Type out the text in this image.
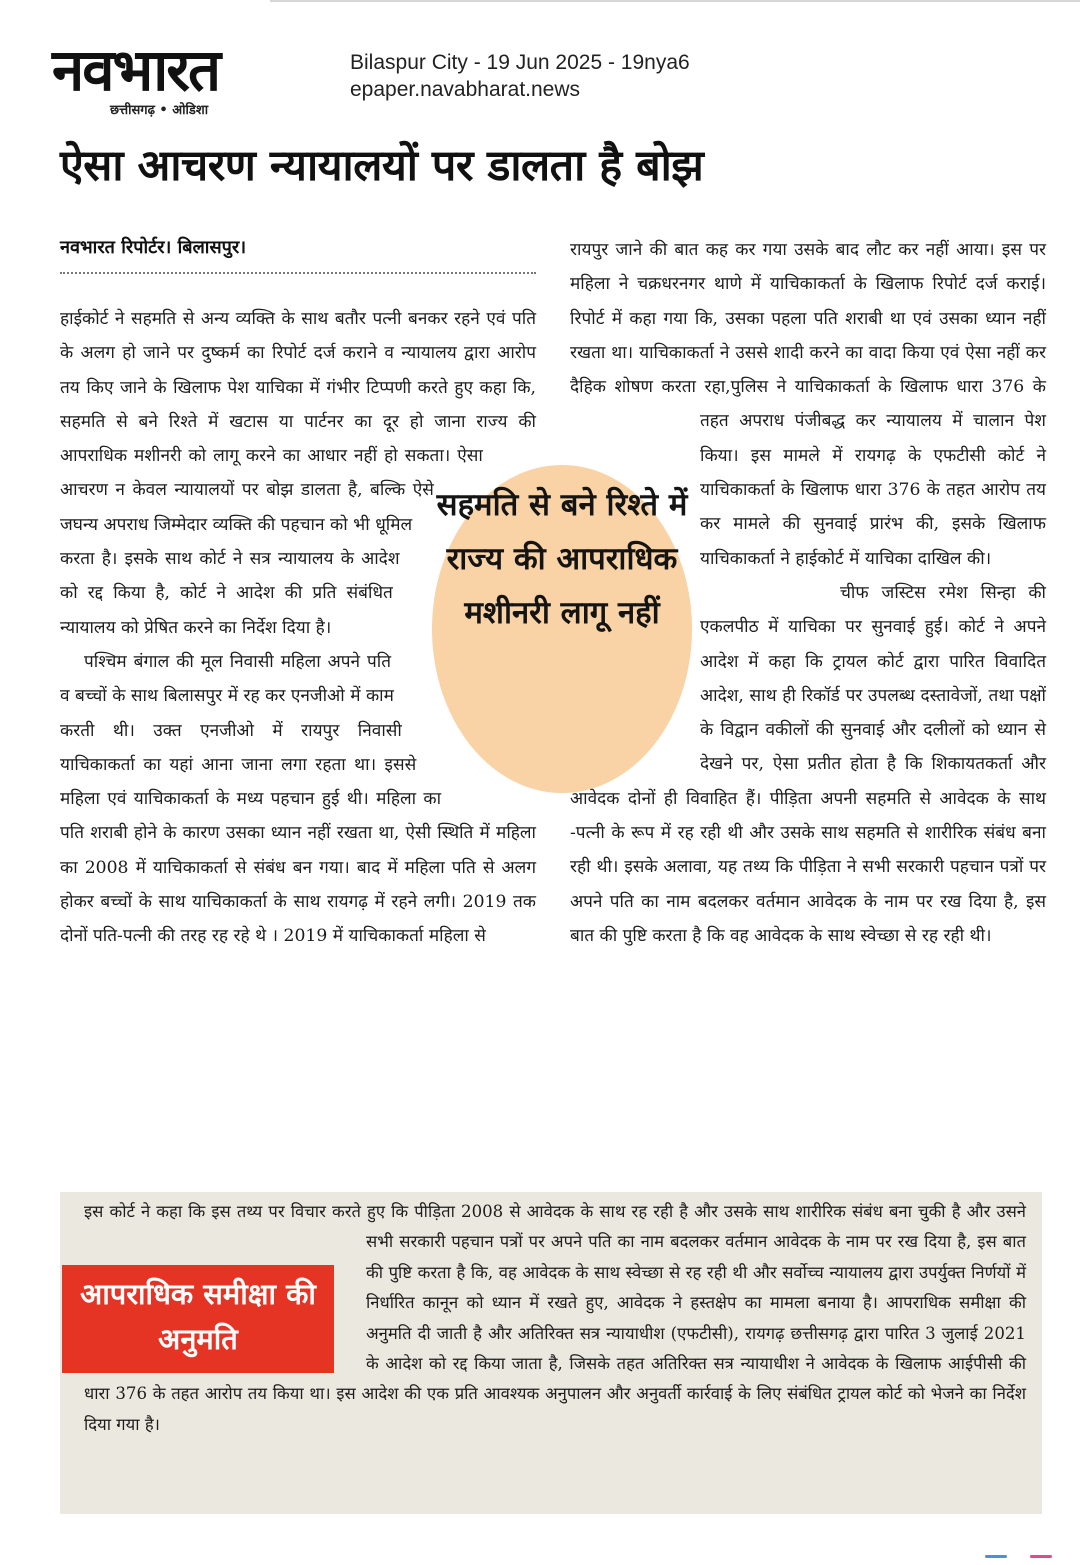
नवभारत
छत्तीसगढ़ • ओडिशा
Bilaspur City - 19 Jun 2025 - 19nya6
epaper.navabharat.news
ऐसा आचरण न्यायालयों पर डालता है बोझ
नवभारत रिपोर्टर। बिलासपुर।

हाईकोर्ट ने सहमति से अन्य व्यक्ति के साथ बतौर पत्नी बनकर रहने एवं पति के अलग हो जाने पर दुष्कर्म का रिपोर्ट दर्ज कराने व न्यायालय द्वारा आरोप तय किए जाने के खिलाफ पेश याचिका में गंभीर टिप्पणी करते हुए कहा कि, सहमति से बने रिश्ते में खटास या पार्टनर का दूर हो जाना राज्य की आपराधिक मशीनरी को लागू करने का आधार नहीं हो सकता। ऐसा आचरण न केवल न्यायालयों पर बोझ डालता है, बल्कि ऐसे जघन्य अपराध जिम्मेदार व्यक्ति की पहचान को भी धूमिल करता है। इसके साथ कोर्ट ने सत्र न्यायालय के आदेश को रद्द किया है, कोर्ट ने आदेश की प्रति संबंधित न्यायालय को प्रेषित करने का निर्देश दिया है।

पश्चिम बंगाल की मूल निवासी महिला अपने पति व बच्चों के साथ बिलासपुर में रह कर एनजीओ में काम करती थी। उक्त एनजीओ में रायपुर निवासी याचिकाकर्ता का यहां आना जाना लगा रहता था। इससे महिला एवं याचिकाकर्ता के मध्य पहचान हुई थी। महिला का पति शराबी होने के कारण उसका ध्यान नहीं रखता था, ऐसी स्थिति में महिला का 2008 में याचिकाकर्ता से संबंध बन गया। बाद में महिला पति से अलग होकर बच्चों के साथ याचिकाकर्ता के साथ रायगढ़ में रहने लगी। 2019 तक दोनों पति-पत्नी की तरह रह रहे थे । 2019 में याचिकाकर्ता महिला से

रायपुर जाने की बात कह कर गया उसके बाद लौट कर नहीं आया। इस पर महिला ने चक्रधरनगर थाणे में याचिकाकर्ता के खिलाफ रिपोर्ट दर्ज कराई। रिपोर्ट में कहा गया कि, उसका पहला पति शराबी था एवं उसका ध्यान नहीं रखता था। याचिकाकर्ता ने उससे शादी करने का वादा किया एवं ऐसा नहीं कर दैहिक शोषण करता रहा,पुलिस ने याचिकाकर्ता के खिलाफ धारा 376 के तहत अपराध पंजीबद्ध कर न्यायालय में चालान पेश किया। इस मामले में रायगढ़ के एफटीसी कोर्ट ने याचिकाकर्ता के खिलाफ धारा 376 के तहत आरोप तय कर मामले की सुनवाई प्रारंभ की, इसके खिलाफ याचिकाकर्ता ने हाईकोर्ट में याचिका दाखिल की।

चीफ जस्टिस रमेश सिन्हा की एकलपीठ में याचिका पर सुनवाई हुई। कोर्ट ने अपने आदेश में कहा कि ट्रायल कोर्ट द्वारा पारित विवादित आदेश, साथ ही रिकॉर्ड पर उपलब्ध दस्तावेजों, तथा पक्षों के विद्वान वकीलों की सुनवाई और दलीलों को ध्यान से देखने पर, ऐसा प्रतीत होता है कि शिकायतकर्ता और आवेदक दोनों ही विवाहित हैं। पीड़िता अपनी सहमति से आवेदक के साथ -पत्नी के रूप में रह रही थी और उसके साथ सहमति से शारीरिक संबंध बना रही थी। इसके अलावा, यह तथ्य कि पीड़िता ने सभी सरकारी पहचान पत्रों पर अपने पति का नाम बदलकर वर्तमान आवेदक के नाम पर रख दिया है, इस बात की पुष्टि करता है कि वह आवेदक के साथ स्वेच्छा से रह रही थी।

सहमति से बने रिश्ते में राज्य की आपराधिक मशीनरी लागू नहीं
इस कोर्ट ने कहा कि इस तथ्य पर विचार करते हुए कि पीड़िता 2008 से आवेदक के साथ रह रही है और उसके साथ शारीरिक संबंध बना चुकी है और उसने सभी सरकारी पहचान पत्रों पर अपने पति का नाम बदलकर वर्तमान आवेदक के नाम पर रख दिया है, इस बात की पुष्टि करता है कि, वह आवेदक के साथ स्वेच्छा से रह रही थी और सर्वोच्च न्यायालय द्वारा उपर्युक्त निर्णयों में निर्धारित कानून को ध्यान में रखते हुए, आवेदक ने हस्तक्षेप का मामला बनाया है। आपराधिक समीक्षा की अनुमति दी जाती है और अतिरिक्त सत्र न्यायाधीश (एफटीसी), रायगढ़ छत्तीसगढ़ द्वारा पारित 3 जुलाई 2021 के आदेश को रद्द किया जाता है, जिसके तहत अतिरिक्त सत्र न्यायाधीश ने आवेदक के खिलाफ आईपीसी की धारा 376 के तहत आरोप तय किया था। इस आदेश की एक प्रति आवश्यक अनुपालन और अनुवर्ती कार्रवाई के लिए संबंधित ट्रायल कोर्ट को भेजने का निर्देश दिया गया है।
आपराधिक समीक्षा की अनुमति
